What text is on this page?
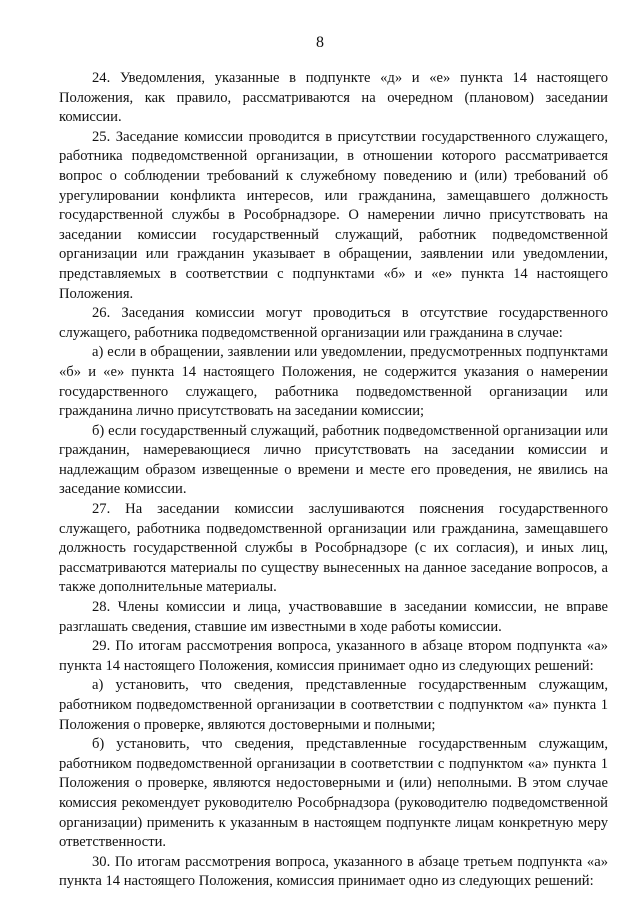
8

24. Уведомления, указанные в подпункте «д» и «е» пункта 14 настоящего Положения, как правило, рассматриваются на очередном (плановом) заседании комиссии.

25. Заседание комиссии проводится в присутствии государственного служащего, работника подведомственной организации, в отношении которого рассматривается вопрос о соблюдении требований к служебному поведению и (или) требований об урегулировании конфликта интересов, или гражданина, замещавшего должность государственной службы в Рособрнадзоре. О намерении лично присутствовать на заседании комиссии государственный служащий, работник подведомственной организации или гражданин указывает в обращении, заявлении или уведомлении, представляемых в соответствии с подпунктами «б» и «е» пункта 14 настоящего Положения.

26. Заседания комиссии могут проводиться в отсутствие государственного служащего, работника подведомственной организации или гражданина в случае:

а) если в обращении, заявлении или уведомлении, предусмотренных подпунктами «б» и «е» пункта 14 настоящего Положения, не содержится указания о намерении государственного служащего, работника подведомственной организации или гражданина лично присутствовать на заседании комиссии;

б) если государственный служащий, работник подведомственной организации или гражданин, намеревающиеся лично присутствовать на заседании комиссии и надлежащим образом извещенные о времени и месте его проведения, не явились на заседание комиссии.

27. На заседании комиссии заслушиваются пояснения государственного служащего, работника подведомственной организации или гражданина, замещавшего должность государственной службы в Рособрнадзоре (с их согласия), и иных лиц, рассматриваются материалы по существу вынесенных на данное заседание вопросов, а также дополнительные материалы.

28. Члены комиссии и лица, участвовавшие в заседании комиссии, не вправе разглашать сведения, ставшие им известными в ходе работы комиссии.

29. По итогам рассмотрения вопроса, указанного в абзаце втором подпункта «а» пункта 14 настоящего Положения, комиссия принимает одно из следующих решений:

а) установить, что сведения, представленные государственным служащим, работником подведомственной организации в соответствии с подпунктом «а» пункта 1 Положения о проверке, являются достоверными и полными;

б) установить, что сведения, представленные государственным служащим, работником подведомственной организации в соответствии с подпунктом «а» пункта 1 Положения о проверке, являются недостоверными и (или) неполными. В этом случае комиссия рекомендует руководителю Рособрнадзора (руководителю подведомственной организации) применить к указанным в настоящем подпункте лицам конкретную меру ответственности.

30. По итогам рассмотрения вопроса, указанного в абзаце третьем подпункта «а» пункта 14 настоящего Положения, комиссия принимает одно из следующих решений:
